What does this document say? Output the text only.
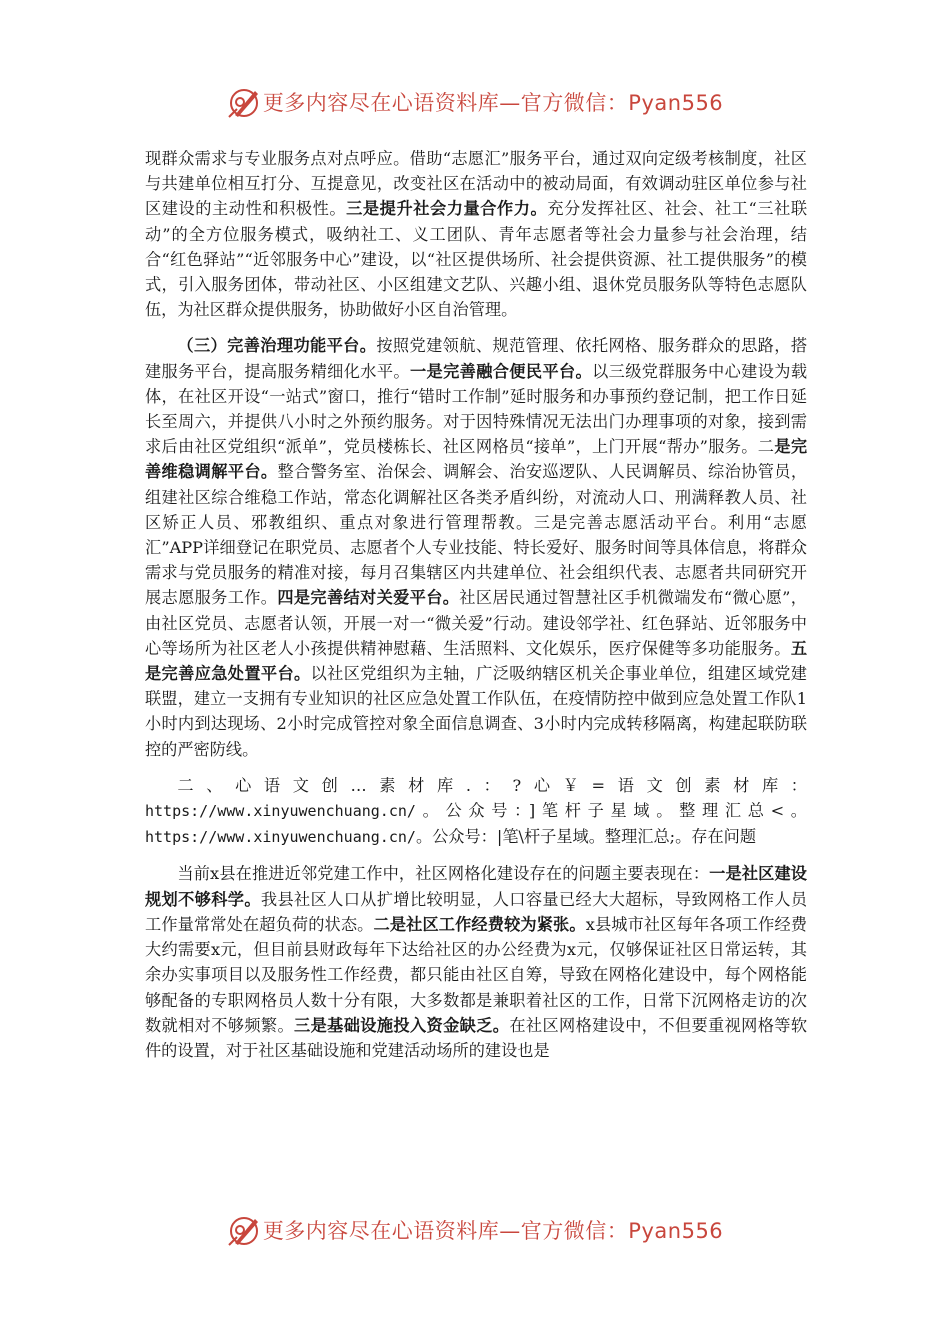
更多内容尽在心语资料库—官方微信：Pyan556

现群众需求与专业服务点对点呼应。借助“志愿汇”服务平台，通过双向定级考核制度，社区与共建单位相互打分、互提意见，改变社区在活动中的被动局面，有效调动驻区单位参与社区建设的主动性和积极性。三是提升社会力量合作力。充分发挥社区、社会、社工“三社联动”的全方位服务模式，吸纳社工、义工团队、青年志愿者等社会力量参与社会治理，结合“红色驿站”“近邻服务中心”建设，以“社区提供场所、社会提供资源、社工提供服务”的模式，引入服务团体，带动社区、小区组建文艺队、兴趣小组、退休党员服务队等特色志愿队伍，为社区群众提供服务，协助做好小区自治管理。

（三）完善治理功能平台。按照党建领航、规范管理、依托网格、服务群众的思路，搭建服务平台，提高服务精细化水平。一是完善融合便民平台。以三级党群服务中心建设为载体，在社区开设“一站式”窗口，推行“错时工作制”延时服务和办事预约登记制，把工作日延长至周六，并提供八小时之外预约服务。对于因特殊情况无法出门办理事项的对象，接到需求后由社区党组织“派单”，党员楼栋长、社区网格员“接单”，上门开展“帮办”服务。二是完善维稳调解平台。整合警务室、治保会、调解会、治安巡逻队、人民调解员、综治协管员，组建社区综合维稳工作站，常态化调解社区各类矛盾纠纷，对流动人口、刑满释教人员、社区矫正人员、邪教组织、重点对象进行管理帮教。三是完善志愿活动平台。利用“志愿汇”APP详细登记在职党员、志愿者个人专业技能、特长爱好、服务时间等具体信息，将群众需求与党员服务的精准对接，每月召集辖区内共建单位、社会组织代表、志愿者共同研究开展志愿服务工作。四是完善结对关爱平台。社区居民通过智慧社区手机微端发布“微心愿”，由社区党员、志愿者认领，开展一对一“微关爱”行动。建设邻学社、红色驿站、近邻服务中心等场所为社区老人小孩提供精神慰藉、生活照料、文化娱乐，医疗保健等多功能服务。五是完善应急处置平台。以社区党组织为主轴，广泛吸纳辖区机关企事业单位，组建区域党建联盟，建立一支拥有专业知识的社区应急处置工作队伍，在疫情防控中做到应急处置工作队1小时内到达现场、2小时完成管控对象全面信息调查、3小时内完成转移隔离，构建起联防联控的严密防线。

二、心语文创…素材库.：?心￥=语文创素材库：https://www.xinyuwenchuang.cn/。公众号：]笔杆子星域。整理汇总<。https://www.xinyuwenchuang.cn/。公众号：|笔\杆子星域。整理汇总;。存在问题

当前x县在推进近邻党建工作中，社区网格化建设存在的问题主要表现在：一是社区建设规划不够科学。我县社区人口从扩增比较明显，人口容量已经大大超标，导致网格工作人员工作量常常处在超负荷的状态。二是社区工作经费较为紧张。x县城市社区每年各项工作经费大约需要x元，但目前县财政每年下达给社区的办公经费为x元，仅够保证社区日常运转，其余办实事项目以及服务性工作经费，都只能由社区自筹，导致在网格化建设中，每个网格能够配备的专职网格员人数十分有限，大多数都是兼职着社区的工作，日常下沉网格走访的次数就相对不够频繁。三是基础设施投入资金缺乏。在社区网格建设中，不但要重视网格等软件的设置，对于社区基础设施和党建活动场所的建设也是

更多内容尽在心语资料库—官方微信：Pyan556
